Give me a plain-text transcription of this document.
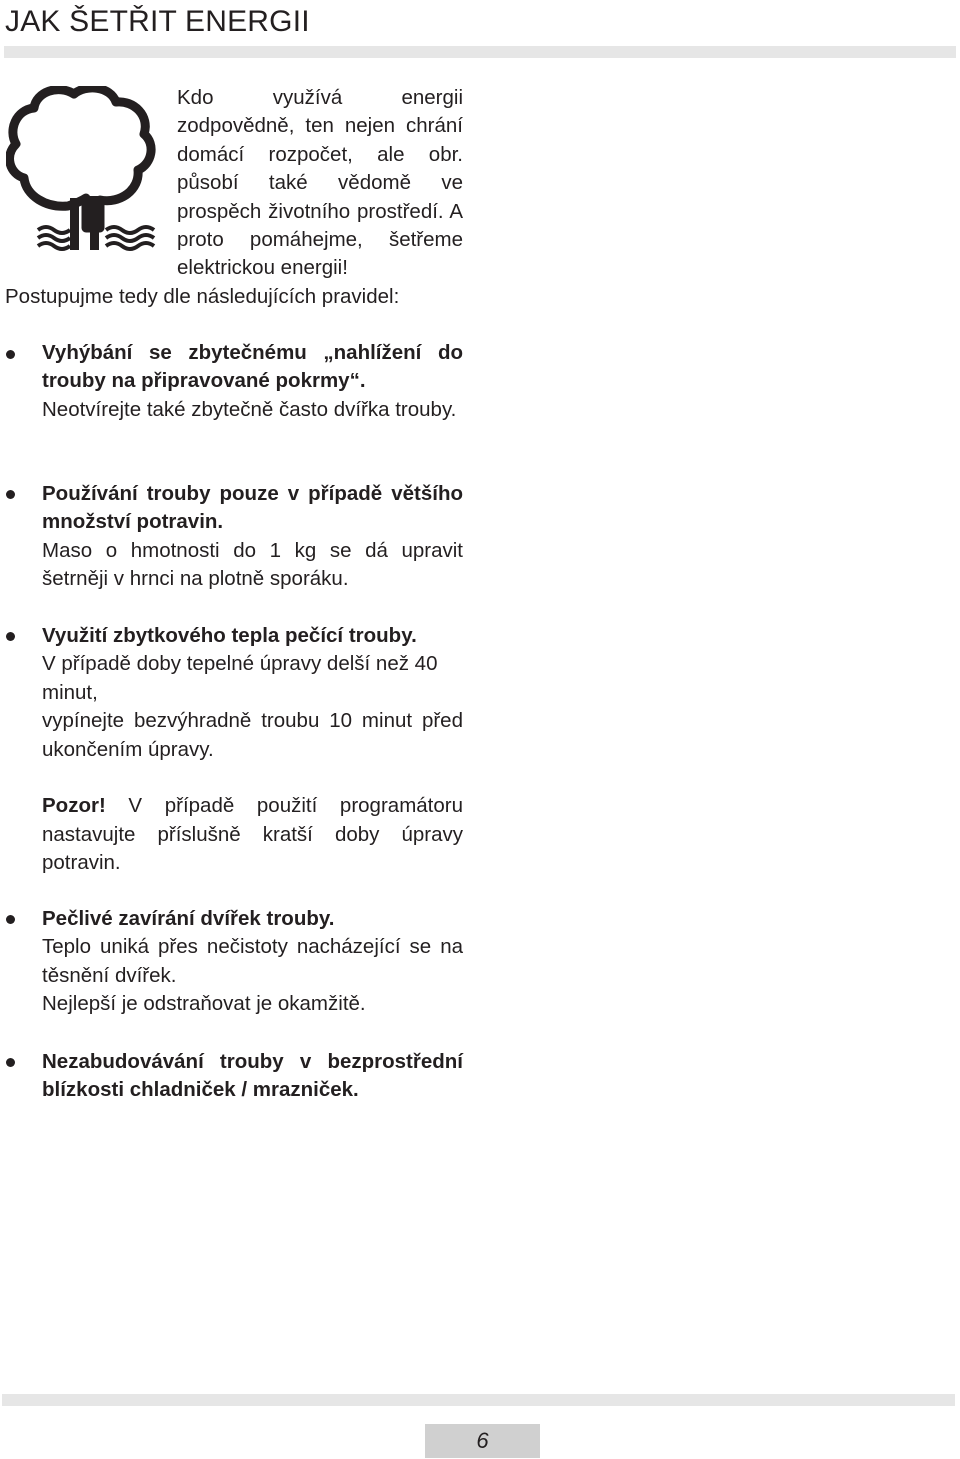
JAK ŠETŘIT ENERGII

Kdo využívá energii zodpovědně, ten nejen chrání domácí rozpočet, ale obr. působí také vědomě ve prospěch životního prostředí. A proto pomáhejme, šetřeme elektrickou energii!

Postupujme tedy dle následujících pravidel:

Vyhýbání se zbytečnému „nahlížení do trouby na připravované pokrmy“.

Neotvírejte také zbytečně často dvířka trouby.

Používání trouby pouze v případě většího množství potravin.

Maso o hmotnosti do 1 kg se dá upravit šetrněji v hrnci na plotně sporáku.

Využití zbytkového tepla pečící trouby.

V případě doby tepelné úpravy delší než 40 minut,

vypínejte bezvýhradně troubu 10 minut před ukončením úpravy.

Pozor! V případě použití programátoru nastavujte příslušně kratší doby úpravy potravin.

Pečlivé zavírání dvířek trouby.

Teplo uniká přes nečistoty nacházející se na těsnění dvířek.

Nejlepší je odstraňovat je okamžitě.

Nezabudovávání trouby v bezprostřední blízkosti chladniček / mrazniček.

6
